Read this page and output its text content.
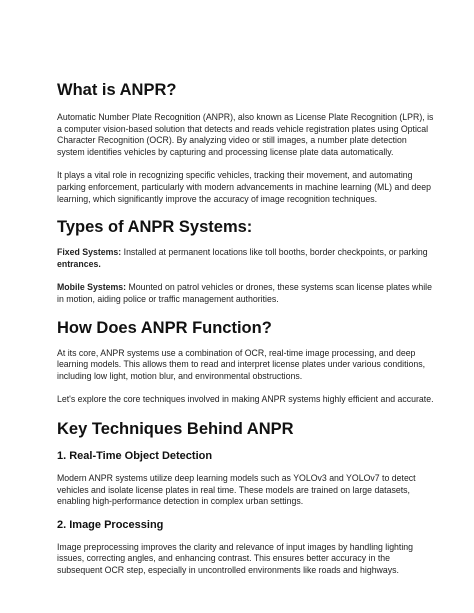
What is ANPR?

Automatic Number Plate Recognition (ANPR), also known as License Plate Recognition (LPR), is a computer vision-based solution that detects and reads vehicle registration plates using Optical Character Recognition (OCR). By analyzing video or still images, a number plate detection system identifies vehicles by capturing and processing license plate data automatically.

It plays a vital role in recognizing specific vehicles, tracking their movement, and automating parking enforcement, particularly with modern advancements in machine learning (ML) and deep learning, which significantly improve the accuracy of image recognition techniques.

Types of ANPR Systems:

Fixed Systems: Installed at permanent locations like toll booths, border checkpoints, or parking entrances.

Mobile Systems: Mounted on patrol vehicles or drones, these systems scan license plates while in motion, aiding police or traffic management authorities.

How Does ANPR Function?

At its core, ANPR systems use a combination of OCR, real-time image processing, and deep learning models. This allows them to read and interpret license plates under various conditions, including low light, motion blur, and environmental obstructions.

Let's explore the core techniques involved in making ANPR systems highly efficient and accurate.

Key Techniques Behind ANPR
1. Real-Time Object Detection

Modern ANPR systems utilize deep learning models such as YOLOv3 and YOLOv7 to detect vehicles and isolate license plates in real time. These models are trained on large datasets, enabling high-performance detection in complex urban settings.

2. Image Processing

Image preprocessing improves the clarity and relevance of input images by handling lighting issues, correcting angles, and enhancing contrast. This ensures better accuracy in the subsequent OCR step, especially in uncontrolled environments like roads and highways.
